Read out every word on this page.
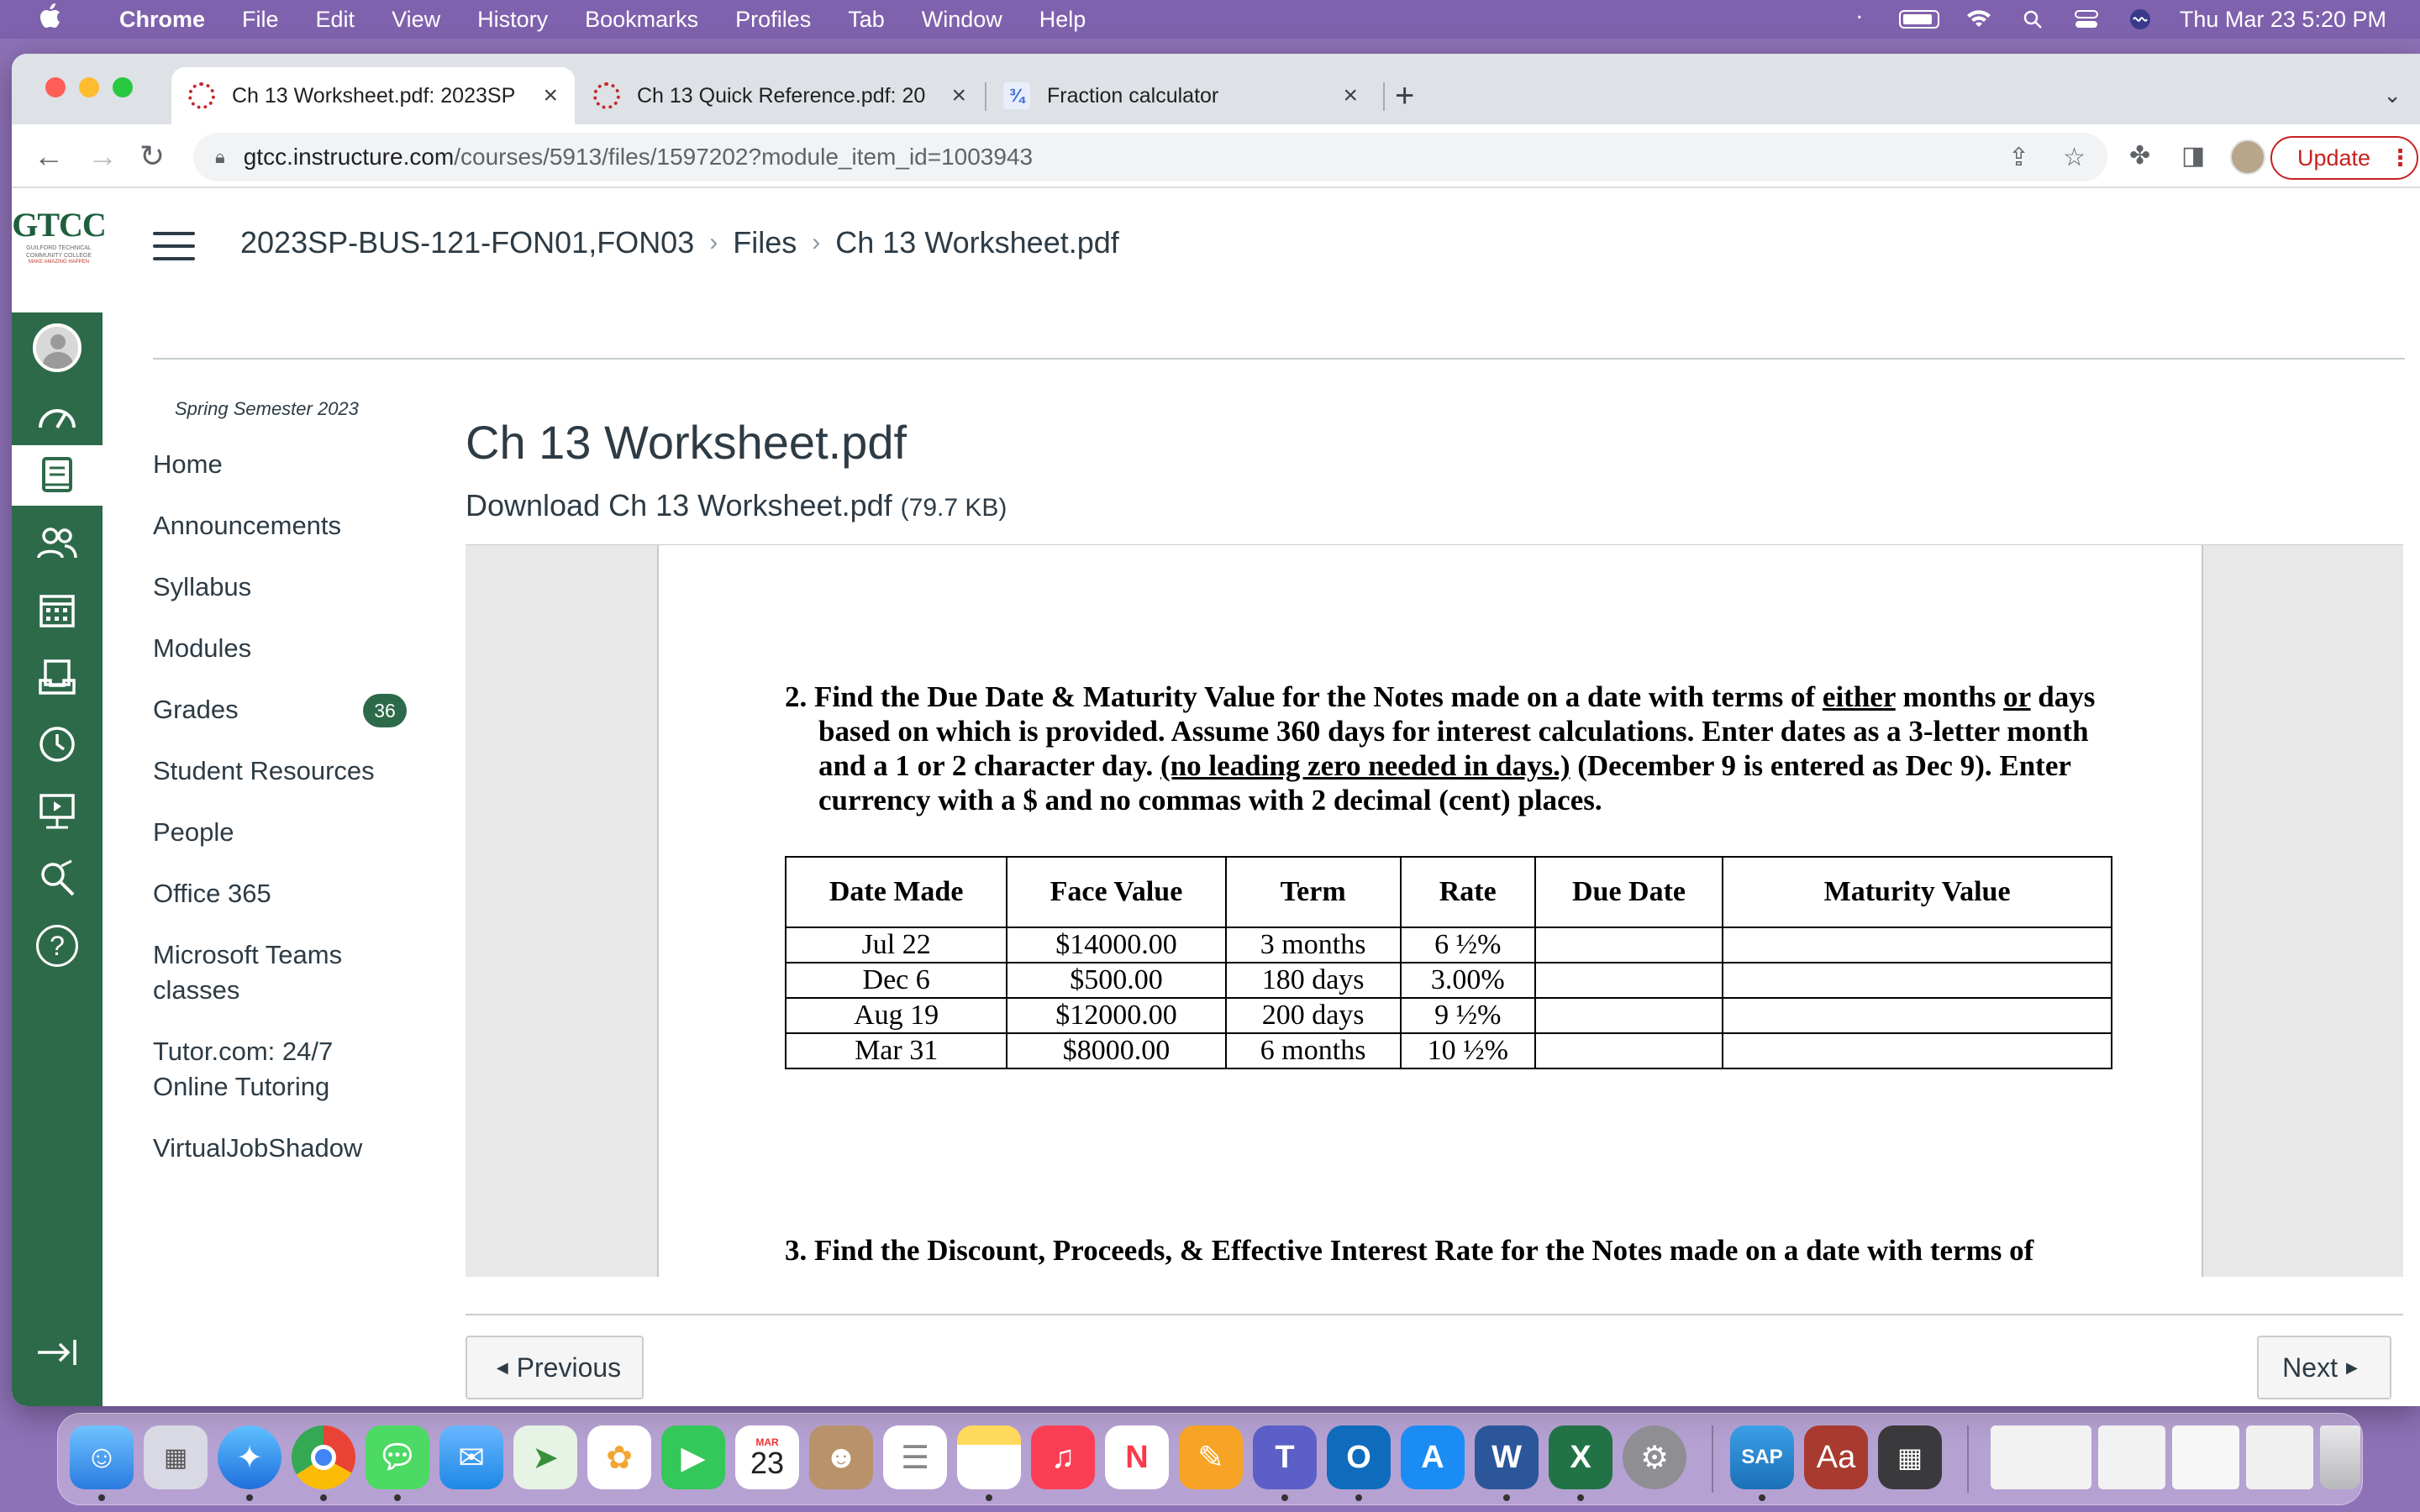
Chrome File Edit View History Bookmarks Profiles Tab Window Help	᛫	Thu Mar 23 5:20 PM
Ch 13 Worksheet.pdf: 2023SP ×	Ch 13 Quick Reference.pdf: 20 ×	¾ Fraction calculator	× +	⌄
← → ↻	🔒︎ gtcc.instructure.com /courses/5913/files/1597202?module_item_id=1003943	⇪ ☆ ✤ ◨	Update ⋮
GTCC
GUILFORD TECHNICAL COMMUNITY COLLEGE
MAKE AMAZING HAPPEN
?
2023SP-BUS-121-FON01,FON03 › Files › Ch 13 Worksheet.pdf
Spring Semester 2023
Home
Announcements
Syllabus
Modules
Grades	36
Student Resources
People
Office 365
Microsoft Teams classes
Tutor.com: 24/7 Online Tutoring
VirtualJobShadow
Ch 13 Worksheet.pdf
Download Ch 13 Worksheet.pdf (79.7 KB)
2. Find the Due Date & Maturity Value for the Notes made on a date with terms of either months or days based on which is provided. Assume 360 days for interest calculations. Enter dates as a 3-letter month and a 1 or 2 character day. (no leading zero needed in days.) (December 9 is entered as Dec 9). Enter currency with a $ and no commas with 2 decimal (cent) places.
Date Made	Face Value	Term	Rate	Due Date	Maturity Value
Jul 22	$14000.00	3 months	6 ½%		
Dec 6	$500.00	180 days	3.00%		
Aug 19	$12000.00	200 days	9 ½%		
Mar 31	$8000.00	6 months	10 ½%		
3. Find the Discount, Proceeds, & Effective Interest Rate for the Notes made on a date with terms of
◀ Previous	Next ▶
☺	▦	✦	💬︎	✉	➤	✿	▶	MAR
23	☻	☰	♫	N	✎	T	O	A	W	X	⚙	SAP	Aa	▦
